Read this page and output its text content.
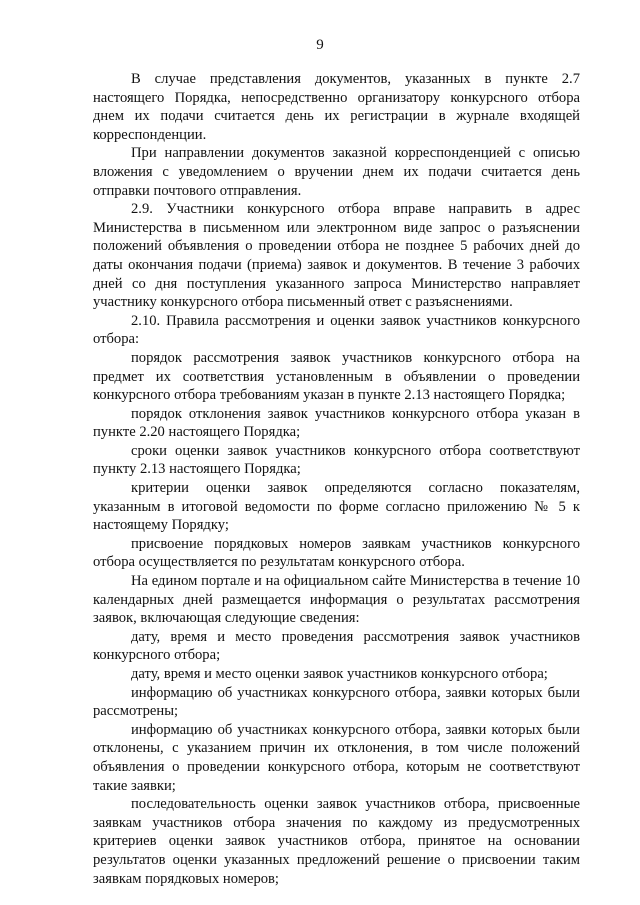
9

В случае представления документов, указанных в пункте 2.7 настоящего Порядка, непосредственно организатору конкурсного отбора днем их подачи считается день их регистрации в журнале входящей корреспонденции.

При направлении документов заказной корреспонденцией с описью вложения с уведомлением о вручении днем их подачи считается день отправки почтового отправления.

2.9. Участники конкурсного отбора вправе направить в адрес Министерства в письменном или электронном виде запрос о разъяснении положений объявления о проведении отбора не позднее 5 рабочих дней до даты окончания подачи (приема) заявок и документов. В течение 3 рабочих дней со дня поступления указанного запроса Министерство направляет участнику конкурсного отбора письменный ответ с разъяснениями.

2.10. Правила рассмотрения и оценки заявок участников конкурсного отбора:

порядок рассмотрения заявок участников конкурсного отбора на предмет их соответствия установленным в объявлении о проведении конкурсного отбора требованиям указан в пункте 2.13 настоящего Порядка;

порядок отклонения заявок участников конкурсного отбора указан в пункте 2.20 настоящего Порядка;

сроки оценки заявок участников конкурсного отбора соответствуют пункту 2.13 настоящего Порядка;

критерии оценки заявок определяются согласно показателям, указанным в итоговой ведомости по форме согласно приложению № 5 к настоящему Порядку;

присвоение порядковых номеров заявкам участников конкурсного отбора осуществляется по результатам конкурсного отбора.

На едином портале и на официальном сайте Министерства в течение 10 календарных дней размещается информация о результатах рассмотрения заявок, включающая следующие сведения:

дату, время и место проведения рассмотрения заявок участников конкурсного отбора;

дату, время и место оценки заявок участников конкурсного отбора;

информацию об участниках конкурсного отбора, заявки которых были рассмотрены;

информацию об участниках конкурсного отбора, заявки которых были отклонены, с указанием причин их отклонения, в том числе положений объявления о проведении конкурсного отбора, которым не соответствуют такие заявки;

последовательность оценки заявок участников отбора, присвоенные заявкам участников отбора значения по каждому из предусмотренных критериев оценки заявок участников отбора, принятое на основании результатов оценки указанных предложений решение о присвоении таким заявкам порядковых номеров;
